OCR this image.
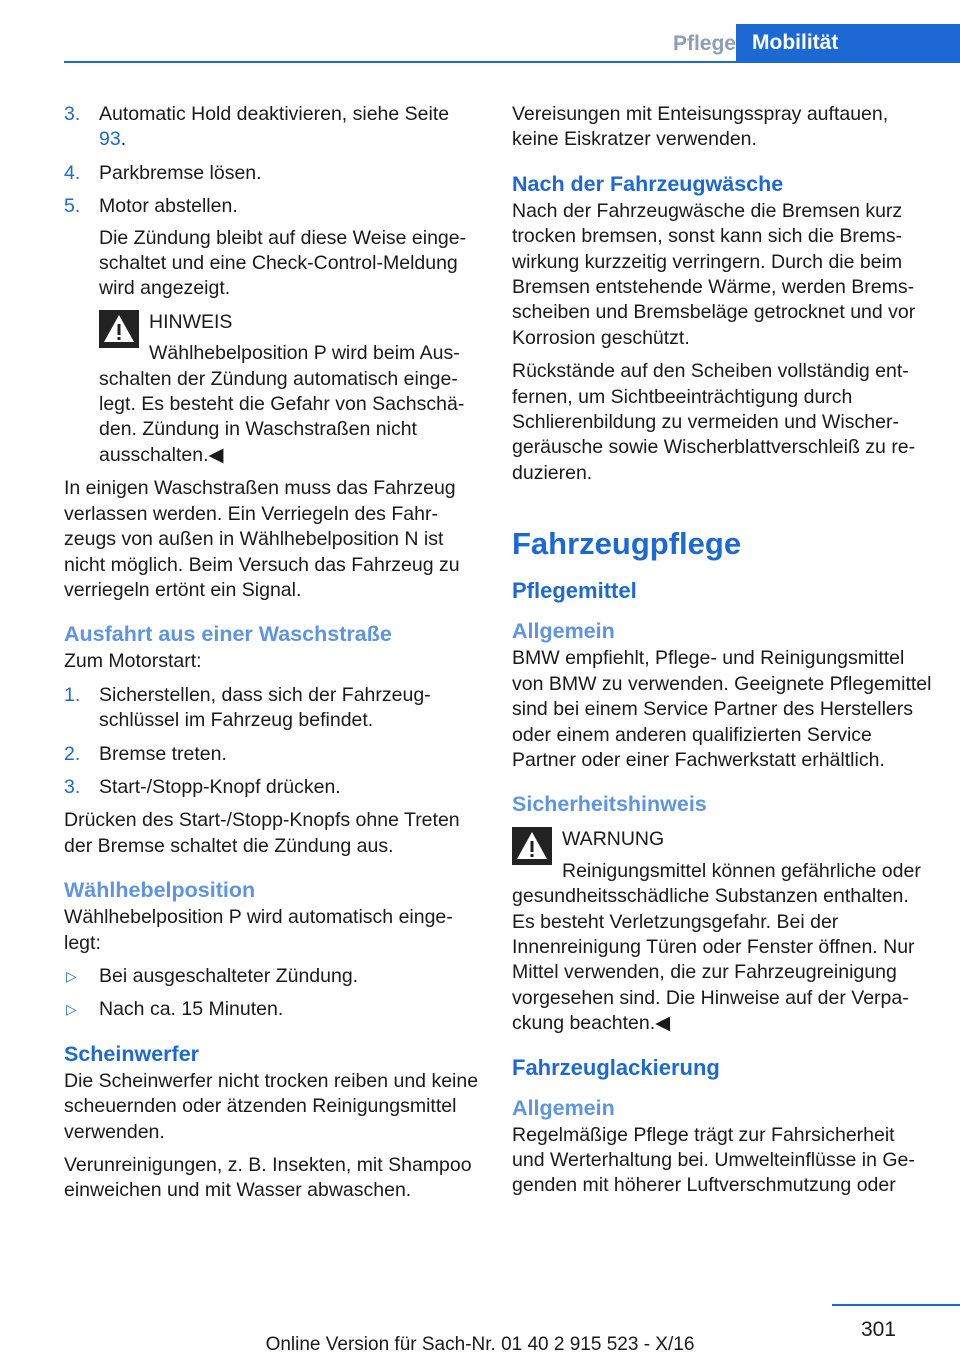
Pflege Mobilität
3. Automatic Hold deaktivieren, siehe Seite 93.
4. Parkbremse lösen.
5. Motor abstellen.
Die Zündung bleibt auf diese Weise eingeschaltet und eine Check-Control-Meldung wird angezeigt.
HINWEIS
Wählhebelposition P wird beim Ausschalten der Zündung automatisch eingelegt. Es besteht die Gefahr von Sachschäden. Zündung in Waschstraßen nicht ausschalten.◀

In einigen Waschstraßen muss das Fahrzeug verlassen werden. Ein Verriegeln des Fahrzeugs von außen in Wählhebelposition N ist nicht möglich. Beim Versuch das Fahrzeug zu verriegeln ertönt ein Signal.

Ausfahrt aus einer Waschstraße

Zum Motorstart:

1. Sicherstellen, dass sich der Fahrzeugschlüssel im Fahrzeug befindet.
2. Bremse treten.
3. Start-/Stopp-Knopf drücken.

Drücken des Start-/Stopp-Knopfs ohne Treten der Bremse schaltet die Zündung aus.

Wählhebelposition

Wählhebelposition P wird automatisch eingelegt:

▷ Bei ausgeschalteter Zündung.
▷ Nach ca. 15 Minuten.
Scheinwerfer

Die Scheinwerfer nicht trocken reiben und keine scheuernden oder ätzenden Reinigungsmittel verwenden.

Verunreinigungen, z. B. Insekten, mit Shampoo einweichen und mit Wasser abwaschen.

Vereisungen mit Enteisungsspray auftauen, keine Eiskratzer verwenden.

Nach der Fahrzeugwäsche

Nach der Fahrzeugwäsche die Bremsen kurz trocken bremsen, sonst kann sich die Bremswirkung kurzzeitig verringern. Durch die beim Bremsen entstehende Wärme, werden Bremsscheiben und Bremsbeläge getrocknet und vor Korrosion geschützt.

Rückstände auf den Scheiben vollständig entfernen, um Sichtbeeinträchtigung durch Schlierenbildung zu vermeiden und Wischergeräusche sowie Wischerblattverschleiß zu reduzieren.

Fahrzeugpflege
Pflegemittel
Allgemein

BMW empfiehlt, Pflege- und Reinigungsmittel von BMW zu verwenden. Geeignete Pflegemittel sind bei einem Service Partner des Herstellers oder einem anderen qualifizierten Service Partner oder einer Fachwerkstatt erhältlich.

Sicherheitshinweis
WARNUNG
Reinigungsmittel können gefährliche oder gesundheitsschädliche Substanzen enthalten. Es besteht Verletzungsgefahr. Bei der Innenreinigung Türen oder Fenster öffnen. Nur Mittel verwenden, die zur Fahrzeugreinigung vorgesehen sind. Die Hinweise auf der Verpackung beachten.◀
Fahrzeuglackierung
Allgemein

Regelmäßige Pflege trägt zur Fahrsicherheit und Werterhaltung bei. Umwelteinflüsse in Gegenden mit höherer Luftverschmutzung oder

301
Online Version für Sach-Nr. 01 40 2 915 523 - X/16
